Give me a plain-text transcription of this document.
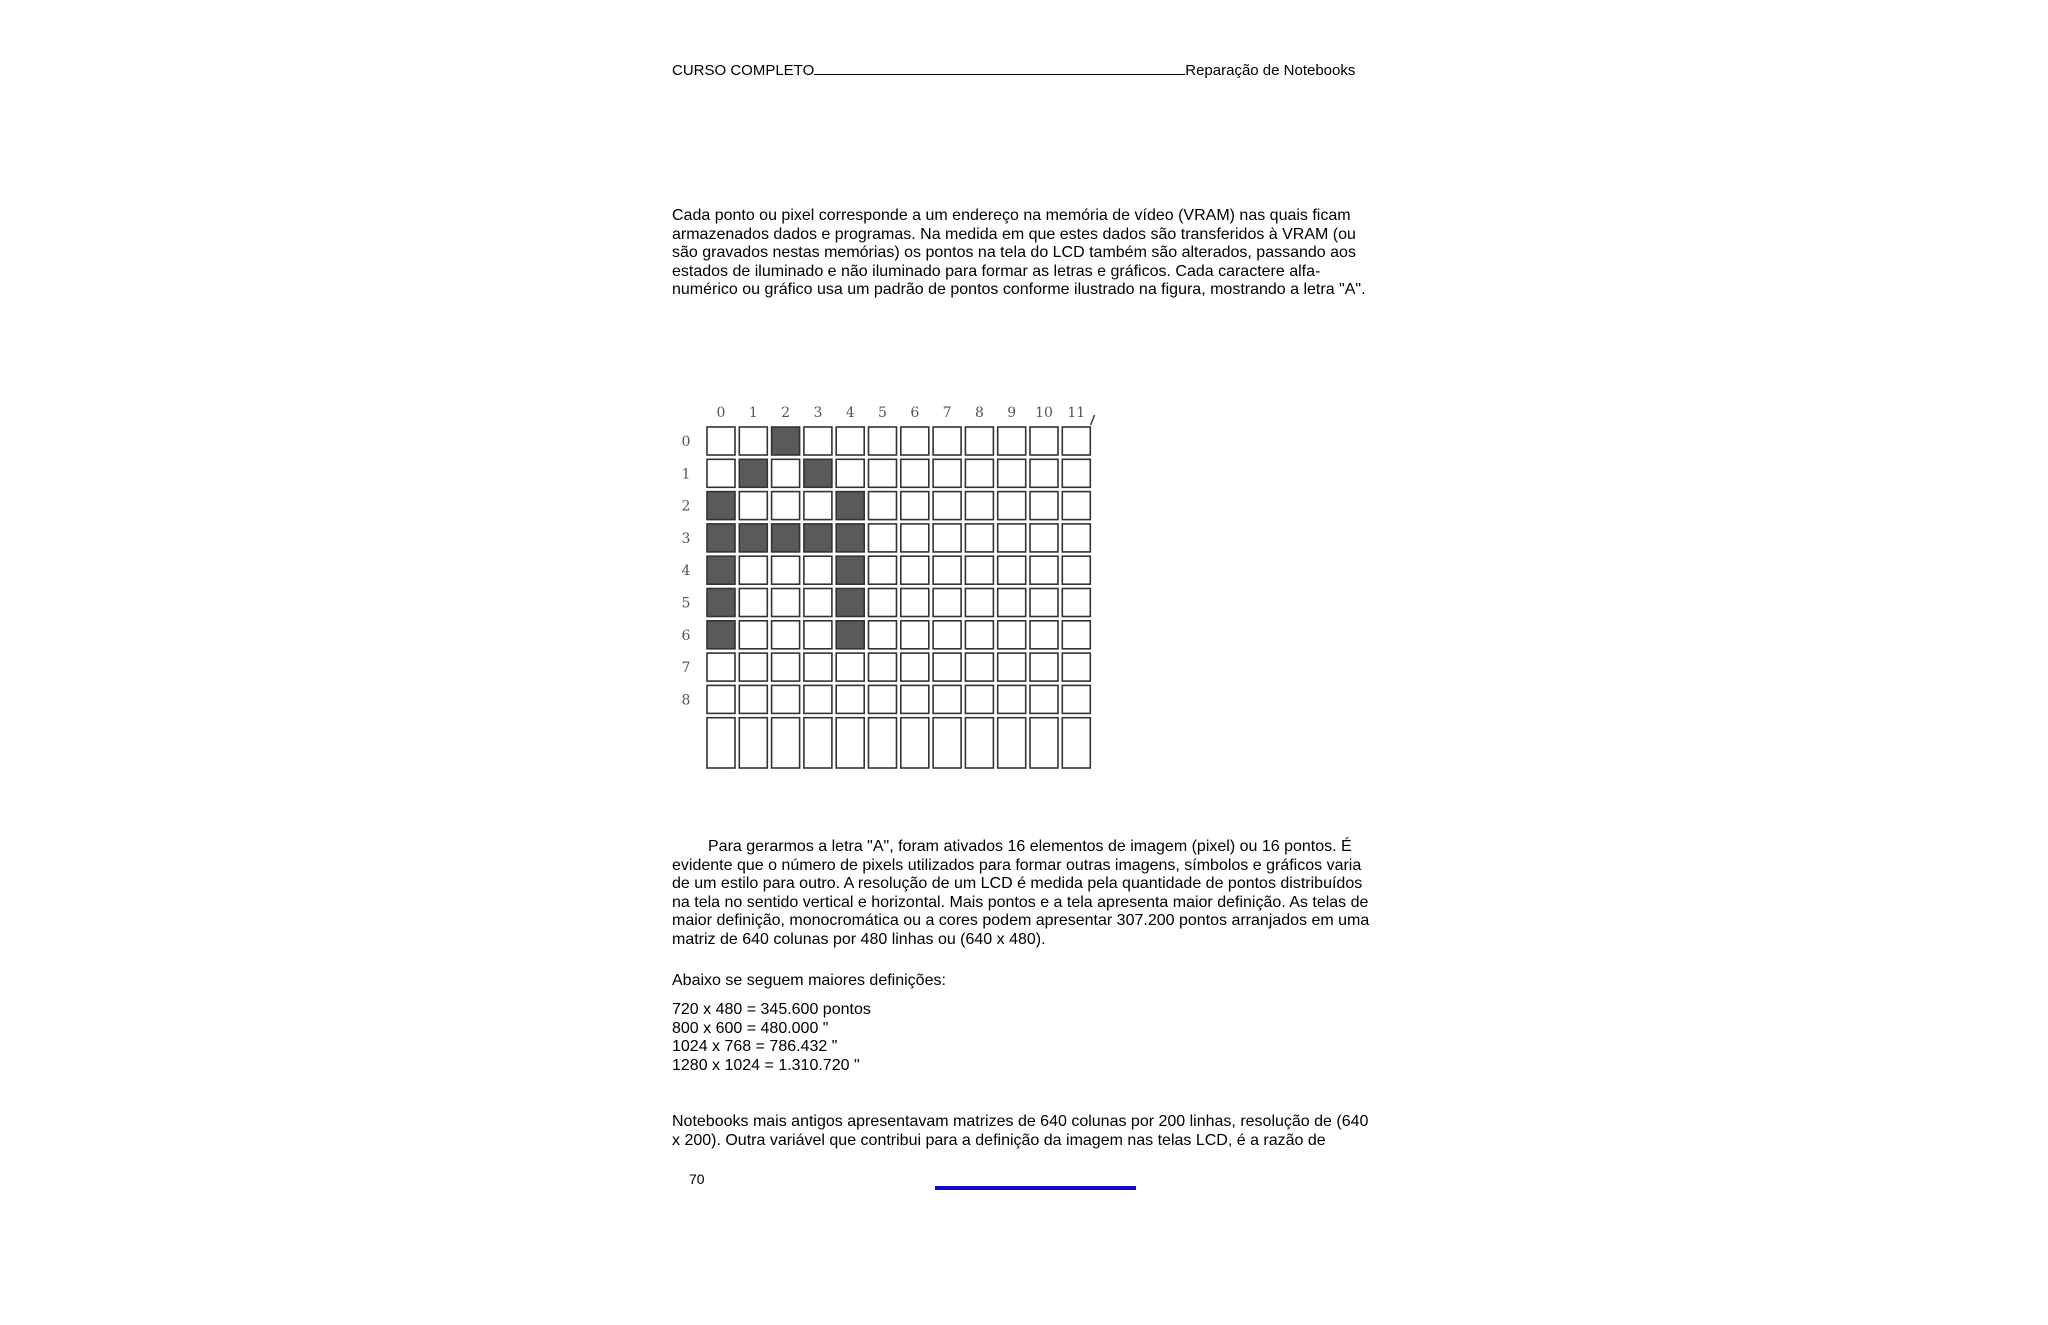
CURSO COMPLETO	Reparação de Notebooks

Cada ponto ou pixel corresponde a um endereço na memória de vídeo (VRAM) nas quais ficam armazenados dados e programas. Na medida em que estes dados são transferidos à VRAM (ou são gravados nestas memórias) os pontos na tela do LCD também são alterados, passando aos estados de iluminado e não iluminado para formar as letras e gráficos. Cada caractere alfa-numérico ou gráfico usa um padrão de pontos conforme ilustrado na figura, mostrando a letra "A".

0 1 2 3 4 5 6 7 8 9 10 11
0
1
2
3
4
5
6
7
8

Para gerarmos a letra "A", foram ativados 16 elementos de imagem (pixel) ou 16 pontos. É evidente que o número de pixels utilizados para formar outras imagens, símbolos e gráficos varia de um estilo para outro. A resolução de um LCD é medida pela quantidade de pontos distribuídos na tela no sentido vertical e horizontal. Mais pontos e a tela apresenta maior definição. As telas de maior definição, monocromática ou a cores podem apresentar 307.200 pontos arranjados em uma matriz de 640 colunas por 480 linhas ou (640 x 480).

Abaixo se seguem maiores definições:

720 x 480 = 345.600 pontos
800 x 600 = 480.000 "
1024 x 768 = 786.432 "
1280 x 1024 = 1.310.720 "

Notebooks mais antigos apresentavam matrizes de 640 colunas por 200 linhas, resolução de (640 x 200). Outra variável que contribui para a definição da imagem nas telas LCD, é a razão de

70
